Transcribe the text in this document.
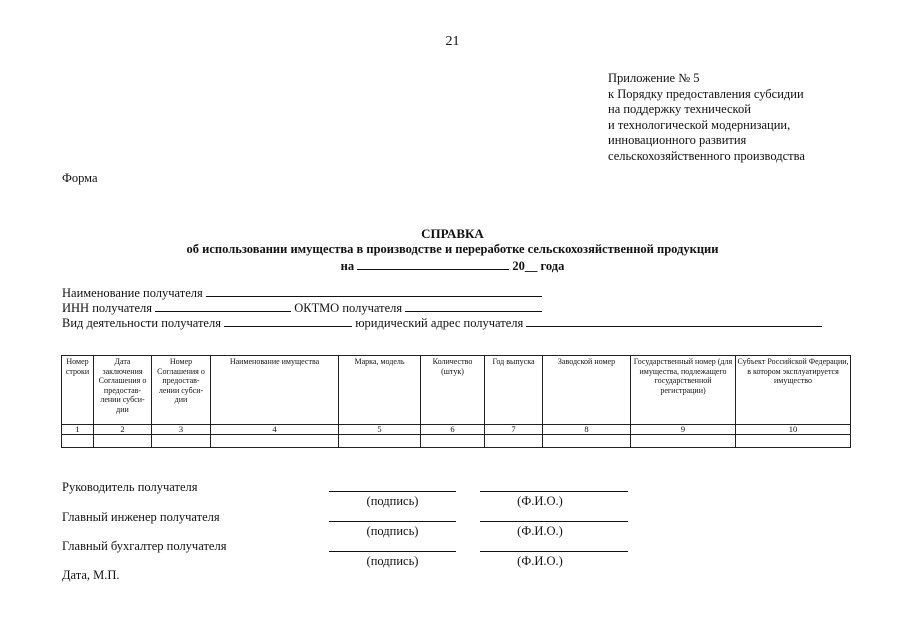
21
Приложение № 5
к Порядку предоставления субсидии
на поддержку технической
и технологической модернизации,
инновационного развития
сельскохозяйственного производства
Форма
СПРАВКА
об использовании имущества в производстве и переработке сельскохозяйственной продукции
на	20__ года
Наименование получателя
ИНН получателя	ОКТМО получателя
Вид деятельности получателя	юридический адрес получателя
Номер строки	Дата заключения Соглашения о предостав-лении субси-дии	Номер Соглашения о предостав-лении субси-дии	Наименование имущества	Марка, модель	Количество (штук)	Год выпуска	Заводской номер	Государственный номер (для имущества, подлежащего государственной регистрации)	Субъект Российской Федерации, в котором эксплуатируется имущество
1	2	3	4	5	6	7	8	9	10

Руководитель получателя
(подпись)	(Ф.И.О.)
Главный инженер получателя
(подпись)	(Ф.И.О.)
Главный бухгалтер получателя
(подпись)	(Ф.И.О.)
Дата, М.П.
